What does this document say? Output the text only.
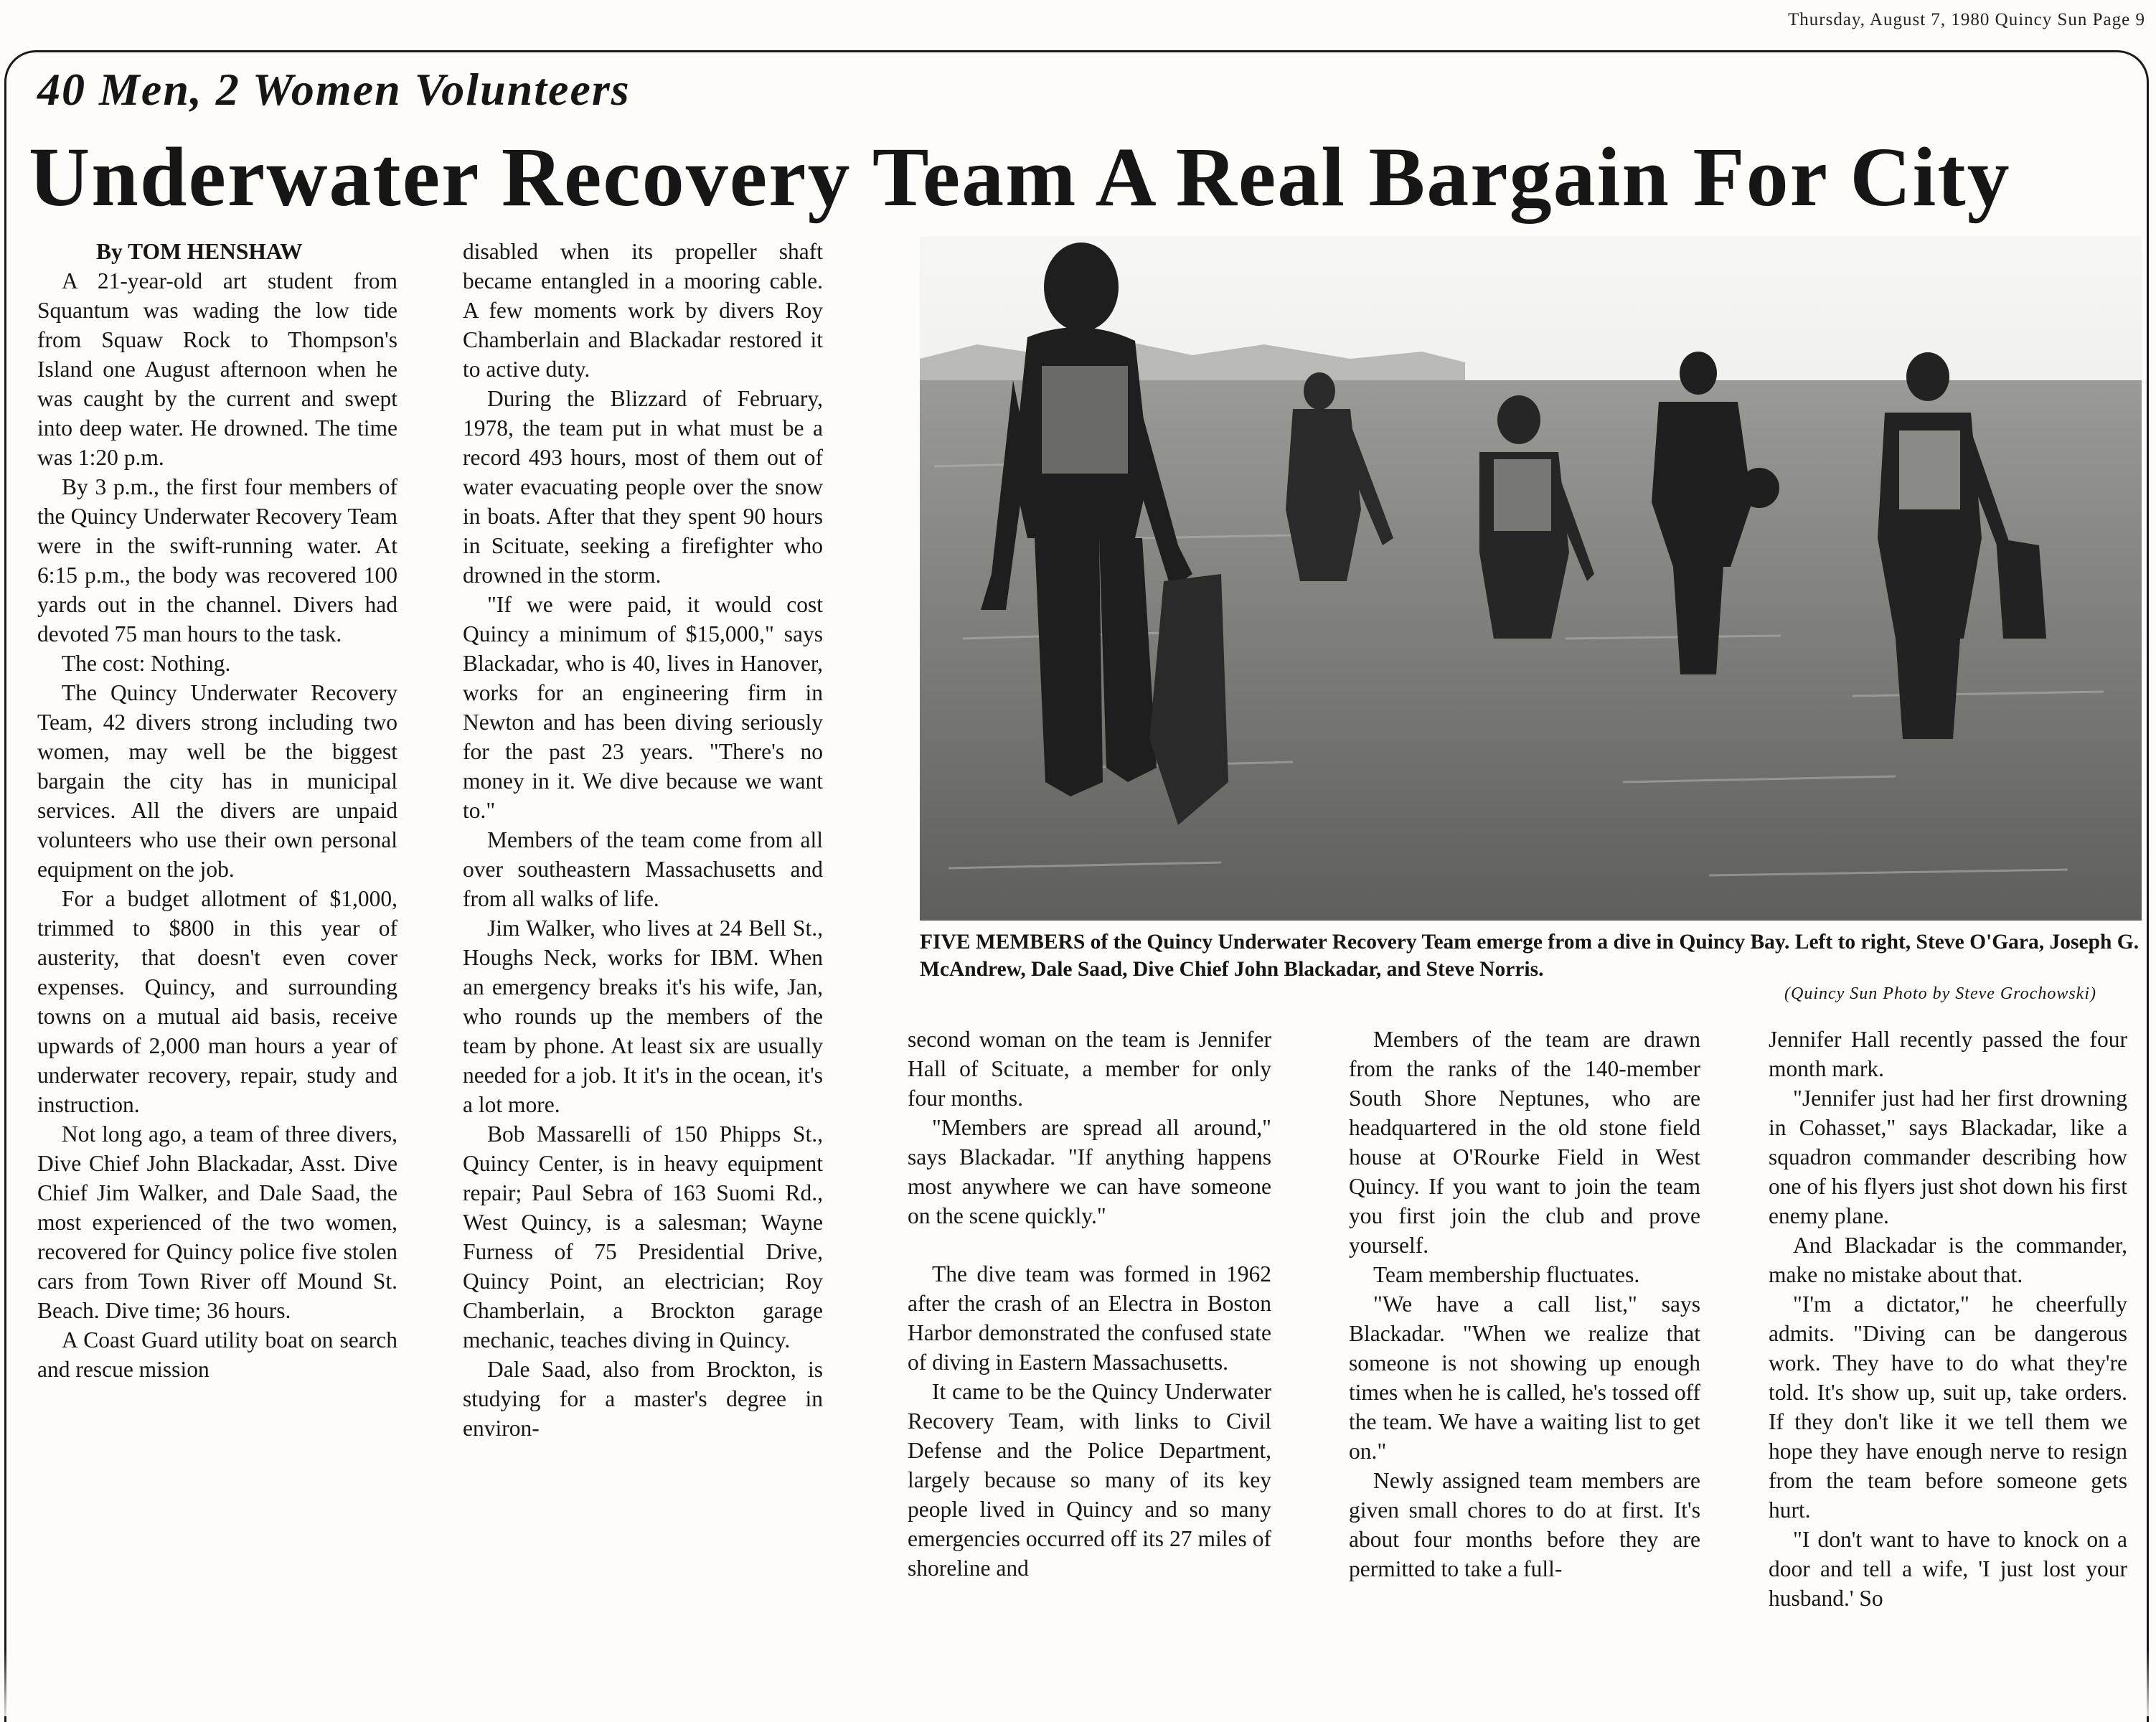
Thursday, August 7, 1980 Quincy Sun Page 9
40 Men, 2 Women Volunteers
Underwater Recovery Team A Real Bargain For City

By TOM HENSHAW

A 21-year-old art student from Squantum was wading the low tide from Squaw Rock to Thompson's Island one August afternoon when he was caught by the current and swept into deep water. He drowned. The time was 1:20 p.m.

By 3 p.m., the first four members of the Quincy Underwater Recovery Team were in the swift-running water. At 6:15 p.m., the body was recovered 100 yards out in the channel. Divers had devoted 75 man hours to the task.

The cost: Nothing.

The Quincy Underwater Recovery Team, 42 divers strong including two women, may well be the biggest bargain the city has in municipal services. All the divers are unpaid volunteers who use their own personal equipment on the job.

For a budget allotment of $1,000, trimmed to $800 in this year of austerity, that doesn't even cover expenses. Quincy, and surrounding towns on a mutual aid basis, receive upwards of 2,000 man hours a year of underwater recovery, repair, study and instruction.

Not long ago, a team of three divers, Dive Chief John Blackadar, Asst. Dive Chief Jim Walker, and Dale Saad, the most experienced of the two women, recovered for Quincy police five stolen cars from Town River off Mound St. Beach. Dive time; 36 hours.

A Coast Guard utility boat on search and rescue mission

disabled when its propeller shaft became entangled in a mooring cable. A few moments work by divers Roy Chamberlain and Blackadar restored it to active duty.

During the Blizzard of February, 1978, the team put in what must be a record 493 hours, most of them out of water evacuating people over the snow in boats. After that they spent 90 hours in Scituate, seeking a firefighter who drowned in the storm.

"If we were paid, it would cost Quincy a minimum of $15,000," says Blackadar, who is 40, lives in Hanover, works for an engineering firm in Newton and has been diving seriously for the past 23 years. "There's no money in it. We dive because we want to."

Members of the team come from all over southeastern Massachusetts and from all walks of life.

Jim Walker, who lives at 24 Bell St., Houghs Neck, works for IBM. When an emergency breaks it's his wife, Jan, who rounds up the members of the team by phone. At least six are usually needed for a job. It it's in the ocean, it's a lot more.

Bob Massarelli of 150 Phipps St., Quincy Center, is in heavy equipment repair; Paul Sebra of 163 Suomi Rd., West Quincy, is a salesman; Wayne Furness of 75 Presidential Drive, Quincy Point, an electrician; Roy Chamberlain, a Brockton garage mechanic, teaches diving in Quincy.

Dale Saad, also from Brockton, is studying for a master's degree in environ-

FIVE MEMBERS of the Quincy Underwater Recovery Team emerge from a dive in Quincy Bay. Left to right, Steve O'Gara, Joseph G. McAndrew, Dale Saad, Dive Chief John Blackadar, and Steve Norris.
(Quincy Sun Photo by Steve Grochowski)

second woman on the team is Jennifer Hall of Scituate, a member for only four months.

"Members are spread all around," says Blackadar. "If anything happens most anywhere we can have someone on the scene quickly."

The dive team was formed in 1962 after the crash of an Electra in Boston Harbor demonstrated the confused state of diving in Eastern Massachusetts.

It came to be the Quincy Underwater Recovery Team, with links to Civil Defense and the Police Department, largely because so many of its key people lived in Quincy and so many emergencies occurred off its 27 miles of shoreline and

Members of the team are drawn from the ranks of the 140-member South Shore Neptunes, who are headquartered in the old stone field house at O'Rourke Field in West Quincy. If you want to join the team you first join the club and prove yourself.

Team membership fluctuates.

"We have a call list," says Blackadar. "When we realize that someone is not showing up enough times when he is called, he's tossed off the team. We have a waiting list to get on."

Newly assigned team members are given small chores to do at first. It's about four months before they are permitted to take a full-

Jennifer Hall recently passed the four month mark.

"Jennifer just had her first drowning in Cohasset," says Blackadar, like a squadron commander describing how one of his flyers just shot down his first enemy plane.

And Blackadar is the commander, make no mistake about that.

"I'm a dictator," he cheerfully admits. "Diving can be dangerous work. They have to do what they're told. It's show up, suit up, take orders. If they don't like it we tell them we hope they have enough nerve to resign from the team before someone gets hurt.

"I don't want to have to knock on a door and tell a wife, 'I just lost your husband.' So
